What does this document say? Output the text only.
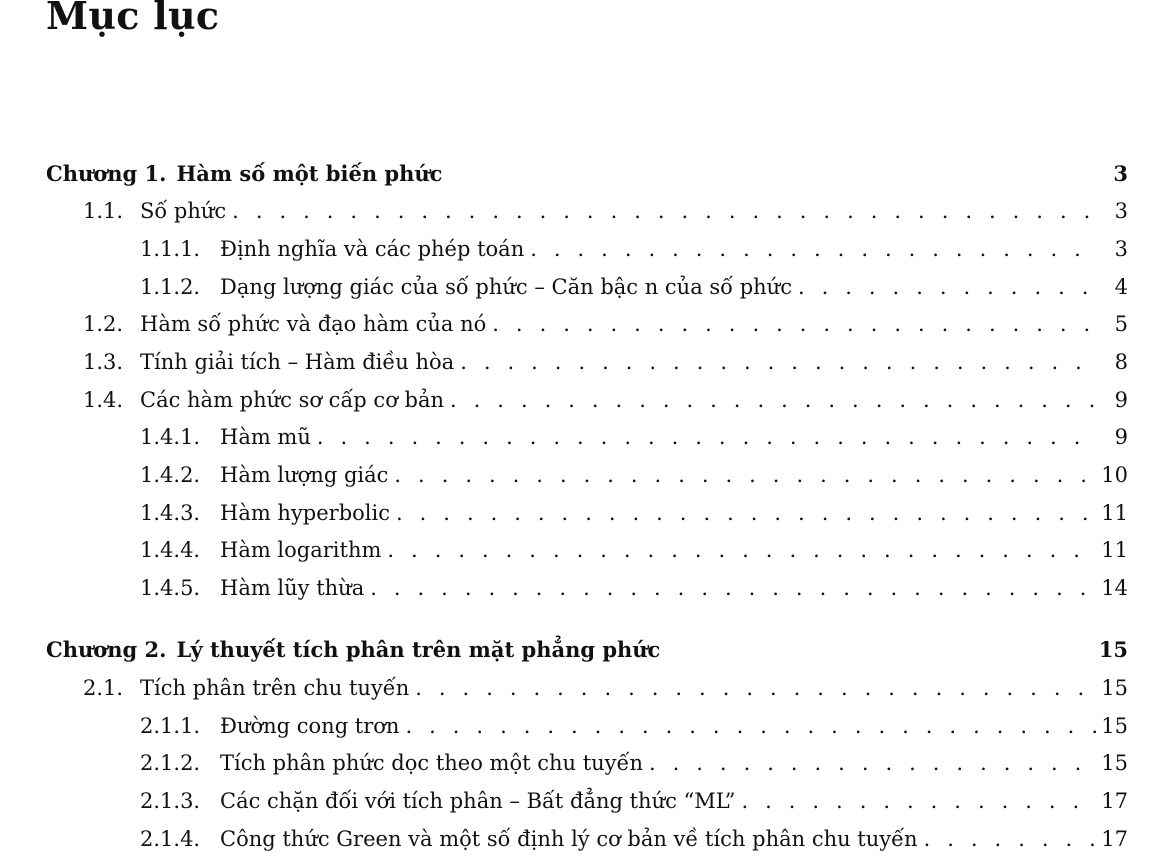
Mục lục
Chương 1. Hàm số một biến phức	3
1.1. Số phức . . .	3
1.1.1. Định nghĩa và các phép toán . . .	3
1.1.2. Dạng lượng giác của số phức – Căn bậc n của số phức . . .	4
1.2. Hàm số phức và đạo hàm của nó . . .	5
1.3. Tính giải tích – Hàm điều hòa . . .	8
1.4. Các hàm phức sơ cấp cơ bản . . .	9
1.4.1. Hàm mũ . . .	9
1.4.2. Hàm lượng giác . . .	10
1.4.3. Hàm hyperbolic . . .	11
1.4.4. Hàm logarithm . . .	11
1.4.5. Hàm lũy thừa . . .	14
Chương 2. Lý thuyết tích phân trên mặt phẳng phức	15
2.1. Tích phân trên chu tuyến . . .	15
2.1.1. Đường cong trơn . . .	15
2.1.2. Tích phân phức dọc theo một chu tuyến . . .	15
2.1.3. Các chặn đối với tích phân – Bất đẳng thức “ML” . . .	17
2.1.4. Công thức Green và một số định lý cơ bản về tích phân chu tuyến . . .	17
